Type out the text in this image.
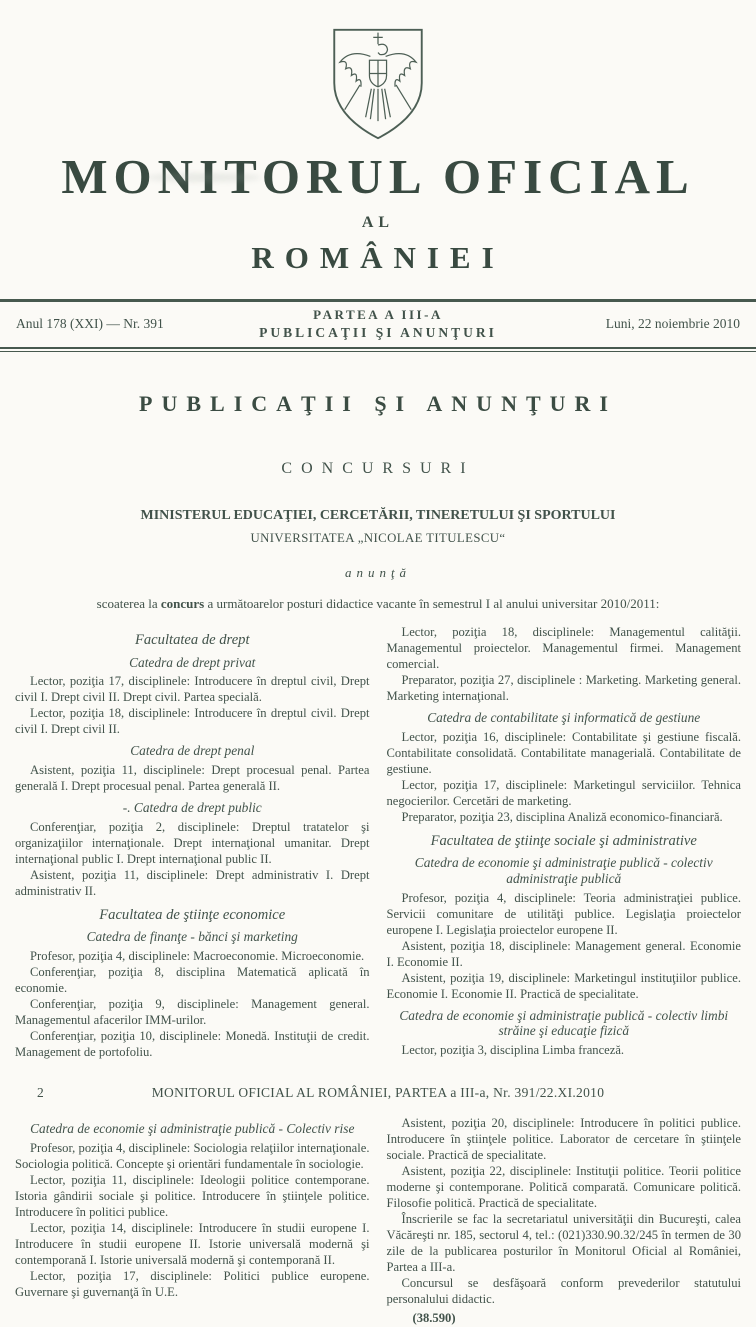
MONITORUL OFICIAL
AL
ROMÂNIEI
Anul 178 (XXI) — Nr. 391
PARTEA A III-A
PUBLICAŢII ŞI ANUNŢURI
Luni, 22 noiembrie 2010
PUBLICAŢII ŞI ANUNŢURI
CONCURSURI
MINISTERUL EDUCAŢIEI, CERCETĂRII, TINERETULUI ŞI SPORTULUI
UNIVERSITATEA „NICOLAE TITULESCU“
anunţă

scoaterea la concurs a următoarelor posturi didactice vacante în semestrul I al anului universitar 2010/2011:

Facultatea de drept
Catedra de drept privat
Lector, poziţia 17, disciplinele: Introducere în dreptul civil, Drept civil I. Drept civil II. Drept civil. Partea specială.
Lector, poziţia 18, disciplinele: Introducere în dreptul civil. Drept civil I. Drept civil II.
Catedra de drept penal
Asistent, poziţia 11, disciplinele: Drept procesual penal. Partea generală I. Drept procesual penal. Partea generală II.
-. Catedra de drept public
Conferenţiar, poziţia 2, disciplinele: Dreptul tratatelor şi organizaţiilor internaţionale. Drept internaţional umanitar. Drept internaţional public I. Drept internaţional public II.
Asistent, poziţia 11, disciplinele: Drept administrativ I. Drept administrativ II.
Facultatea de ştiinţe economice
Catedra de finanţe - bănci şi marketing
Profesor, poziţia 4, disciplinele: Macroeconomie. Microeconomie.
Conferenţiar, poziţia 8, disciplina Matematică aplicată în economie.
Conferenţiar, poziţia 9, disciplinele: Management general. Managementul afacerilor IMM-urilor.
Conferenţiar, poziţia 10, disciplinele: Monedă. Instituţii de credit. Management de portofoliu.
Lector, poziţia 18, disciplinele: Managementul calităţii. Managementul proiectelor. Managementul firmei. Management comercial.
Preparator, poziţia 27, disciplinele : Marketing. Marketing general. Marketing internaţional.
Catedra de contabilitate şi informatică de gestiune
Lector, poziţia 16, disciplinele: Contabilitate şi gestiune fiscală. Contabilitate consolidată. Contabilitate managerială. Contabilitate de gestiune.
Lector, poziţia 17, disciplinele: Marketingul serviciilor. Tehnica negocierilor. Cercetări de marketing.
Preparator, poziţia 23, disciplina Analiză economico-financiară.
Facultatea de ştiinţe sociale şi administrative
Catedra de economie şi administraţie publică - colectiv administraţie publică
Profesor, poziţia 4, disciplinele: Teoria administraţiei publice. Servicii comunitare de utilităţi publice. Legislaţia proiectelor europene I. Legislaţia proiectelor europene II.
Asistent, poziţia 18, disciplinele: Management general. Economie I. Economie II.
Asistent, poziţia 19, disciplinele: Marketingul instituţiilor publice. Economie I. Economie II. Practică de specialitate.
Catedra de economie şi administraţie publică - colectiv limbi străine şi educaţie fizică
Lector, poziţia 3, disciplina Limba franceză.
2	MONITORUL OFICIAL AL ROMÂNIEI, PARTEA a III-a, Nr. 391/22.XI.2010
Catedra de economie şi administraţie publică - Colectiv rise
Profesor, poziţia 4, disciplinele: Sociologia relaţiilor internaţionale. Sociologia politică. Concepte şi orientări fundamentale în sociologie.
Lector, poziţia 11, disciplinele: Ideologii politice contemporane. Istoria gândirii sociale şi politice. Introducere în ştiinţele politice. Introducere în politici publice.
Lector, poziţia 14, disciplinele: Introducere în studii europene I. Introducere în studii europene II. Istorie universală modernă şi contemporană I. Istorie universală modernă şi contemporană II.
Lector, poziţia 17, disciplinele: Politici publice europene. Guvernare şi guvernanţă în U.E.
Asistent, poziţia 20, disciplinele: Introducere în politici publice. Introducere în ştiinţele politice. Laborator de cercetare în ştiinţele sociale. Practică de specialitate.
Asistent, poziţia 22, disciplinele: Instituţii politice. Teorii politice moderne şi contemporane. Politică comparată. Comunicare politică. Filosofie politică. Practică de specialitate.
Înscrierile se fac la secretariatul universităţii din Bucureşti, calea Văcăreşti nr. 185, sectorul 4, tel.: (021)330.90.32/245 în termen de 30 zile de la publicarea posturilor în Monitorul Oficial al României, Partea a III-a.
Concursul se desfăşoară conform prevederilor statutului personalului didactic.
(38.590)
